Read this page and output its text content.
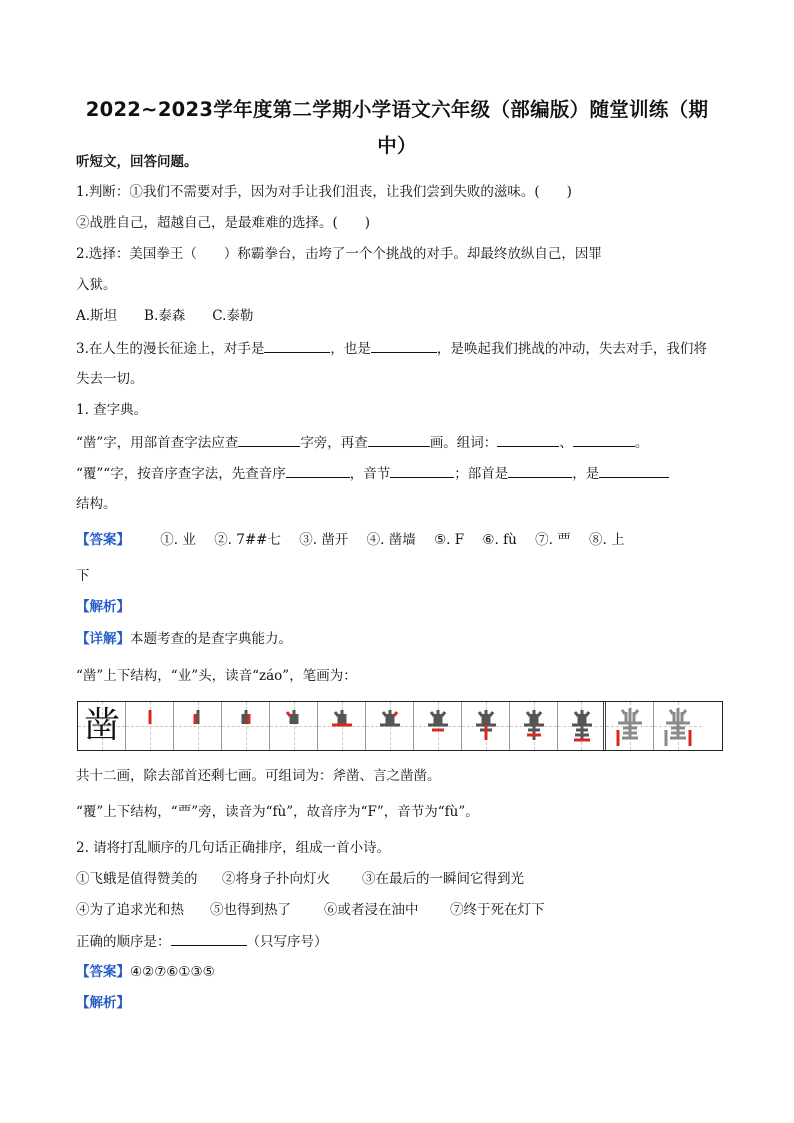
2022~2023学年度第二学期小学语文六年级（部编版）随堂训练（期
中）
听短文，回答问题。
1.判断：①我们不需要对手，因为对手让我们沮丧，让我们尝到失败的滋味。(　　)
②战胜自己，超越自己，是最难难的选择。(　　)
2.选择：美国拳王（　　）称霸拳台，击垮了一个个挑战的对手。却最终放纵自己，因罪
入狱。
A.斯坦　　B.泰森　　C.泰勒
3.在人生的漫长征途上，对手是	，也是	，是唤起我们挑战的冲动，失去对手，我们将
失去一切。
1. 查字典。
“凿”字，用部首查字法应查	字旁，再查	画。组词：	、	。
“覆”“字，按音序查字法，先查音序	，音节	；部首是	，是
结构。
【答案】 ①. 业 ②. 7##七 ③. 凿开 ④. 凿墙 ⑤. F ⑥. fù ⑦. 覀 ⑧. 上
下
【解析】
【详解】本题考查的是查字典能力。
“凿”上下结构，“业”头，读音“záo”，笔画为：
凿
共十二画，除去部首还剩七画。可组词为：斧凿、言之凿凿。
“覆”上下结构，“覀”旁，读音为“fù”，故音序为“F”，音节为“fù”。
2. 请将打乱顺序的几句话正确排序，组成一首小诗。
①飞蛾是值得赞美的 ②将身子扑向灯火 ③在最后的一瞬间它得到光
④为了追求光和热 ⑤也得到热了 ⑥或者浸在油中 ⑦终于死在灯下
正确的顺序是：	（只写序号）
【答案】④②⑦⑥①③⑤
【解析】
